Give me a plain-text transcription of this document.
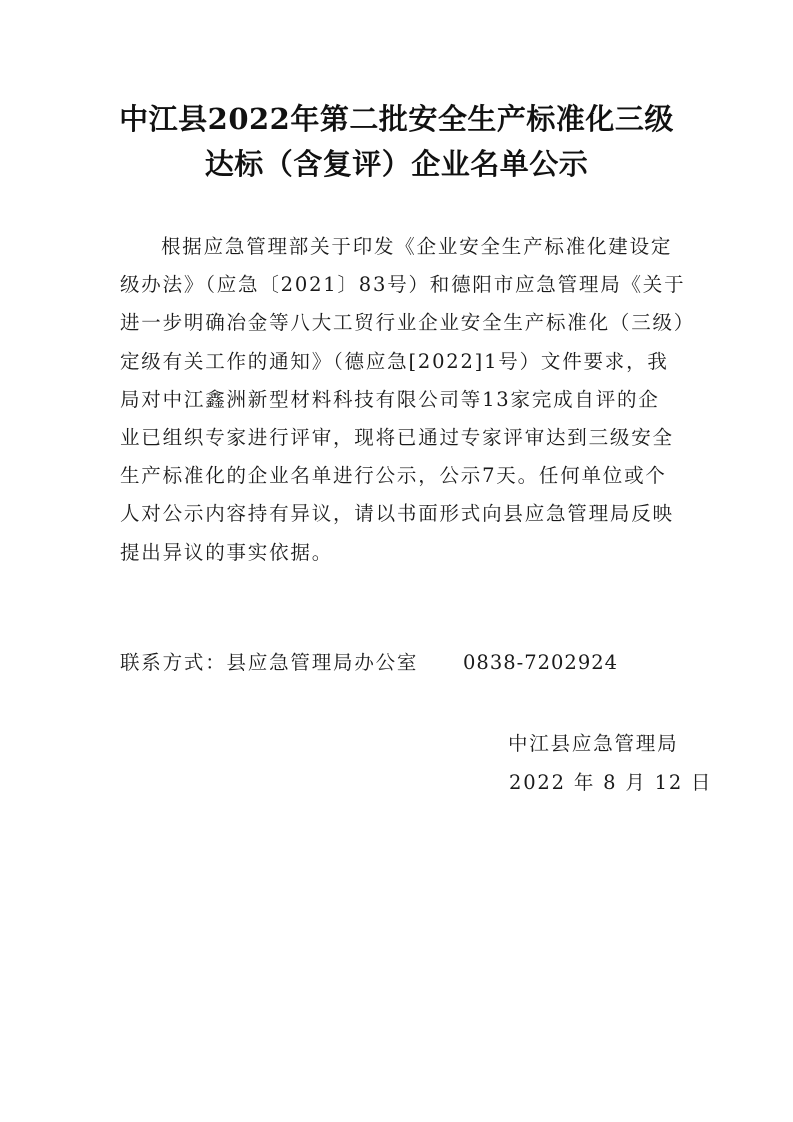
中江县2022年第二批安全生产标准化三级
达标（含复评）企业名单公示
根据应急管理部关于印发《企业安全生产标准化建设定
级办法》（应急〔2021〕83号）和德阳市应急管理局《关于
进一步明确冶金等八大工贸行业企业安全生产标准化（三级）
定级有关工作的通知》（德应急[2022]1号）文件要求，我
局对中江鑫洲新型材料科技有限公司等13家完成自评的企
业已组织专家进行评审，现将已通过专家评审达到三级安全
生产标准化的企业名单进行公示，公示7天。任何单位或个
人对公示内容持有异议，请以书面形式向县应急管理局反映
提出异议的事实依据。
联系方式：县应急管理局办公室 0838-7202924
中江县应急管理局
2022 年 8 月 12 日
